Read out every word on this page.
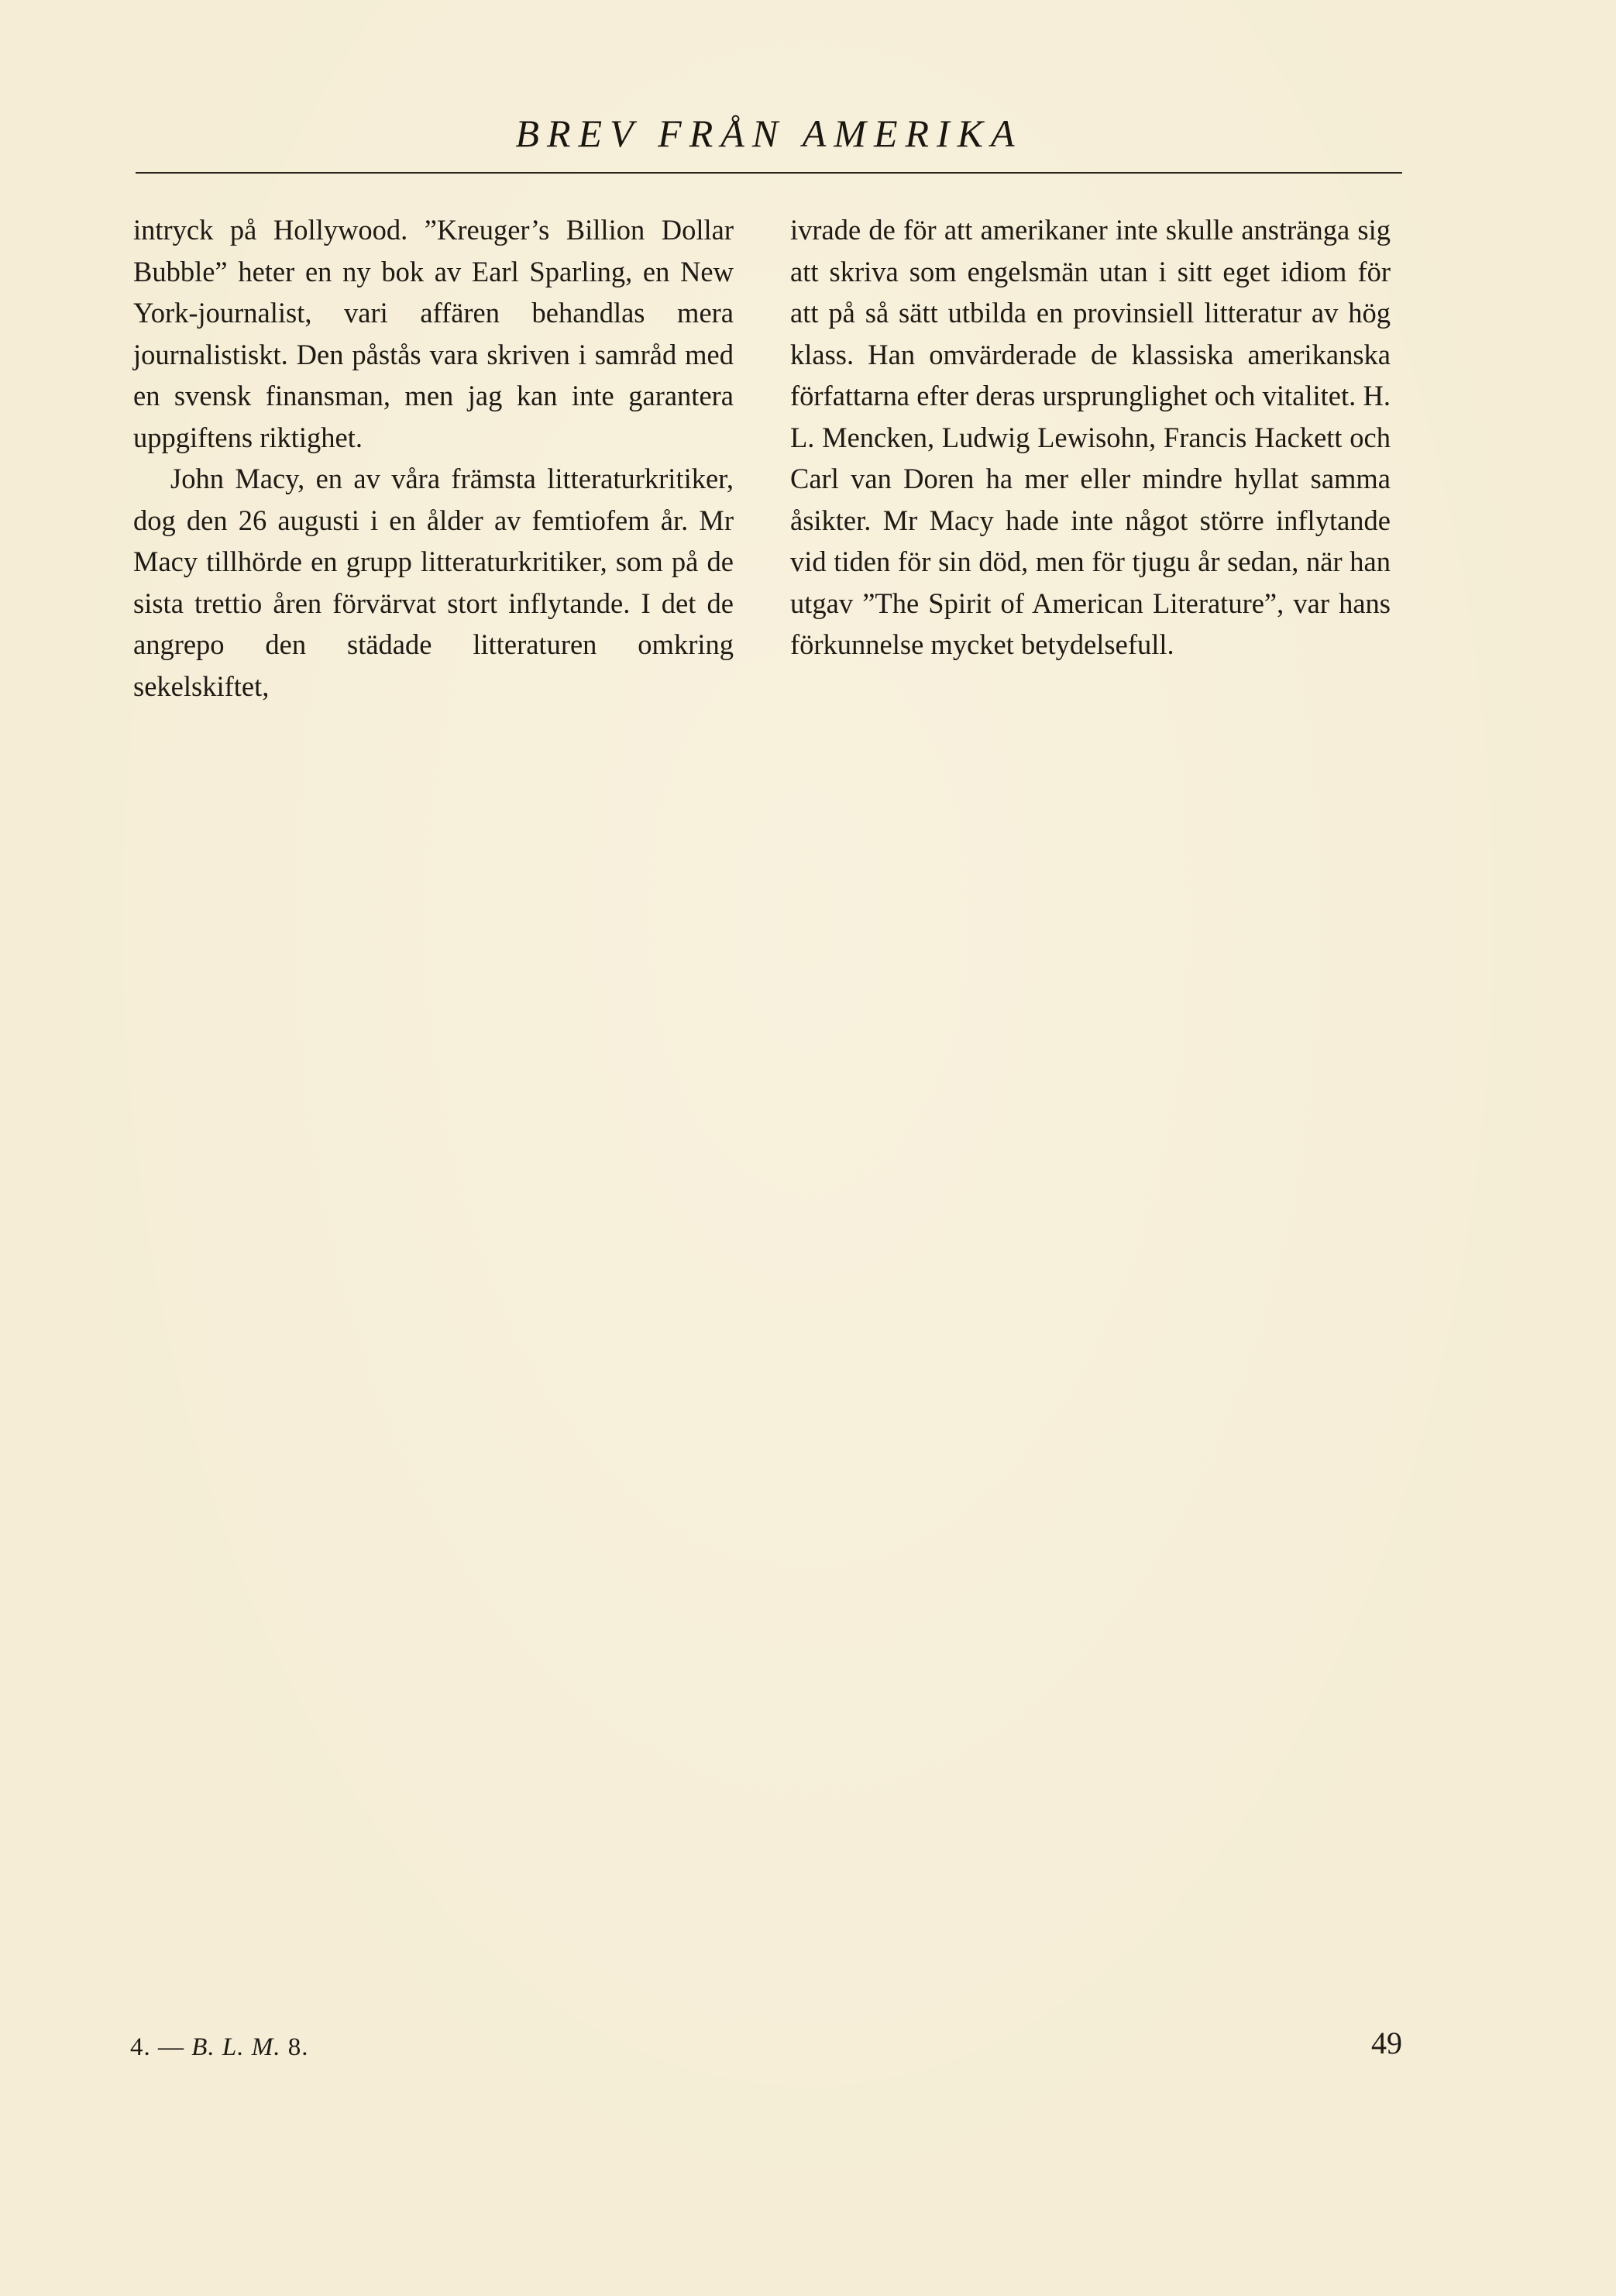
BREV FRÅN AMERIKA

intryck på Hollywood. ”Kreuger’s Billion Dollar Bubble” heter en ny bok av Earl Sparling, en New York-journalist, vari affären behandlas mera journalistiskt. Den påstås vara skriven i samråd med en svensk finansman, men jag kan inte garantera uppgiftens riktighet.

John Macy, en av våra främsta litteraturkritiker, dog den 26 augusti i en ålder av femtiofem år. Mr Macy tillhörde en grupp litteraturkritiker, som på de sista trettio åren förvärvat stort inflytande. I det de angrepo den städade litteraturen omkring sekelskiftet,

ivrade de för att amerikaner inte skulle anstränga sig att skriva som engelsmän utan i sitt eget idiom för att på så sätt utbilda en provinsiell litteratur av hög klass. Han omvärderade de klassiska amerikanska författarna efter deras ursprunglighet och vitalitet. H. L. Mencken, Ludwig Lewisohn, Francis Hackett och Carl van Doren ha mer eller mindre hyllat samma åsikter. Mr Macy hade inte något större inflytande vid tiden för sin död, men för tjugu år sedan, när han utgav ”The Spirit of American Literature”, var hans förkunnelse mycket betydelsefull.

4. — B. L. M. 8.	49
